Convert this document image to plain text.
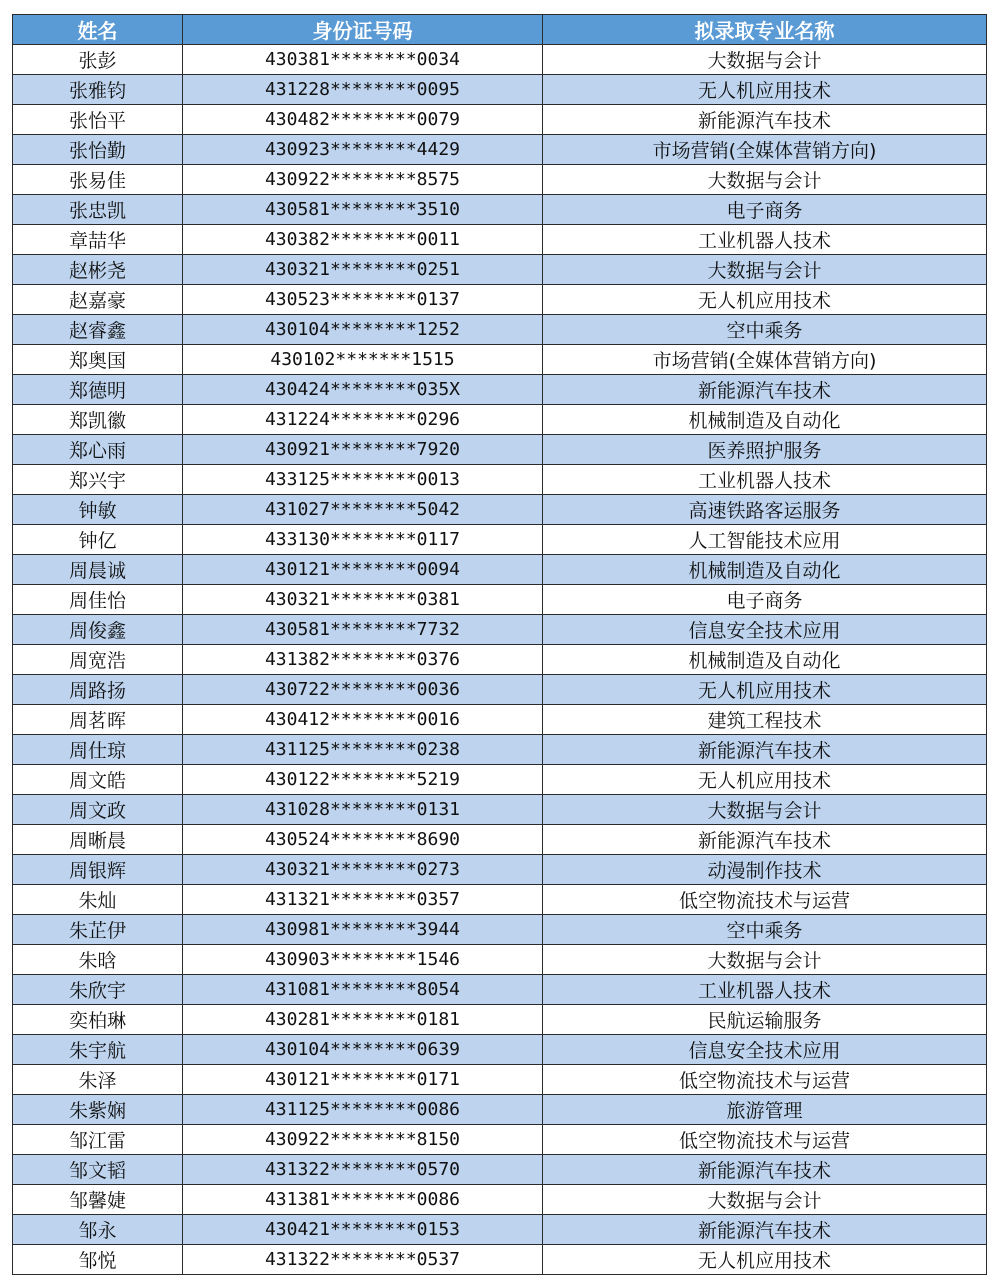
姓名	身份证号码	拟录取专业名称
张彭	430381********0034	大数据与会计
张雅钧	431228********0095	无人机应用技术
张怡平	430482********0079	新能源汽车技术
张怡勤	430923********4429	市场营销(全媒体营销方向)
张易佳	430922********8575	大数据与会计
张忠凯	430581********3510	电子商务
章喆华	430382********0011	工业机器人技术
赵彬尧	430321********0251	大数据与会计
赵嘉豪	430523********0137	无人机应用技术
赵睿鑫	430104********1252	空中乘务
郑奥国	430102*******1515	市场营销(全媒体营销方向)
郑德明	430424********035X	新能源汽车技术
郑凯徽	431224********0296	机械制造及自动化
郑心雨	430921********7920	医养照护服务
郑兴宇	433125********0013	工业机器人技术
钟敏	431027********5042	高速铁路客运服务
钟亿	433130********0117	人工智能技术应用
周晨诚	430121********0094	机械制造及自动化
周佳怡	430321********0381	电子商务
周俊鑫	430581********7732	信息安全技术应用
周宽浩	431382********0376	机械制造及自动化
周路扬	430722********0036	无人机应用技术
周茗晖	430412********0016	建筑工程技术
周仕琼	431125********0238	新能源汽车技术
周文皓	430122********5219	无人机应用技术
周文政	431028********0131	大数据与会计
周晰晨	430524********8690	新能源汽车技术
周银辉	430321********0273	动漫制作技术
朱灿	431321********0357	低空物流技术与运营
朱芷伊	430981********3944	空中乘务
朱晗	430903********1546	大数据与会计
朱欣宇	431081********8054	工业机器人技术
奕柏琳	430281********0181	民航运输服务
朱宇航	430104********0639	信息安全技术应用
朱泽	430121********0171	低空物流技术与运营
朱紫娴	431125********0086	旅游管理
邹江雷	430922********8150	低空物流技术与运营
邹文韬	431322********0570	新能源汽车技术
邹馨婕	431381********0086	大数据与会计
邹永	430421********0153	新能源汽车技术
邹悦	431322********0537	无人机应用技术
